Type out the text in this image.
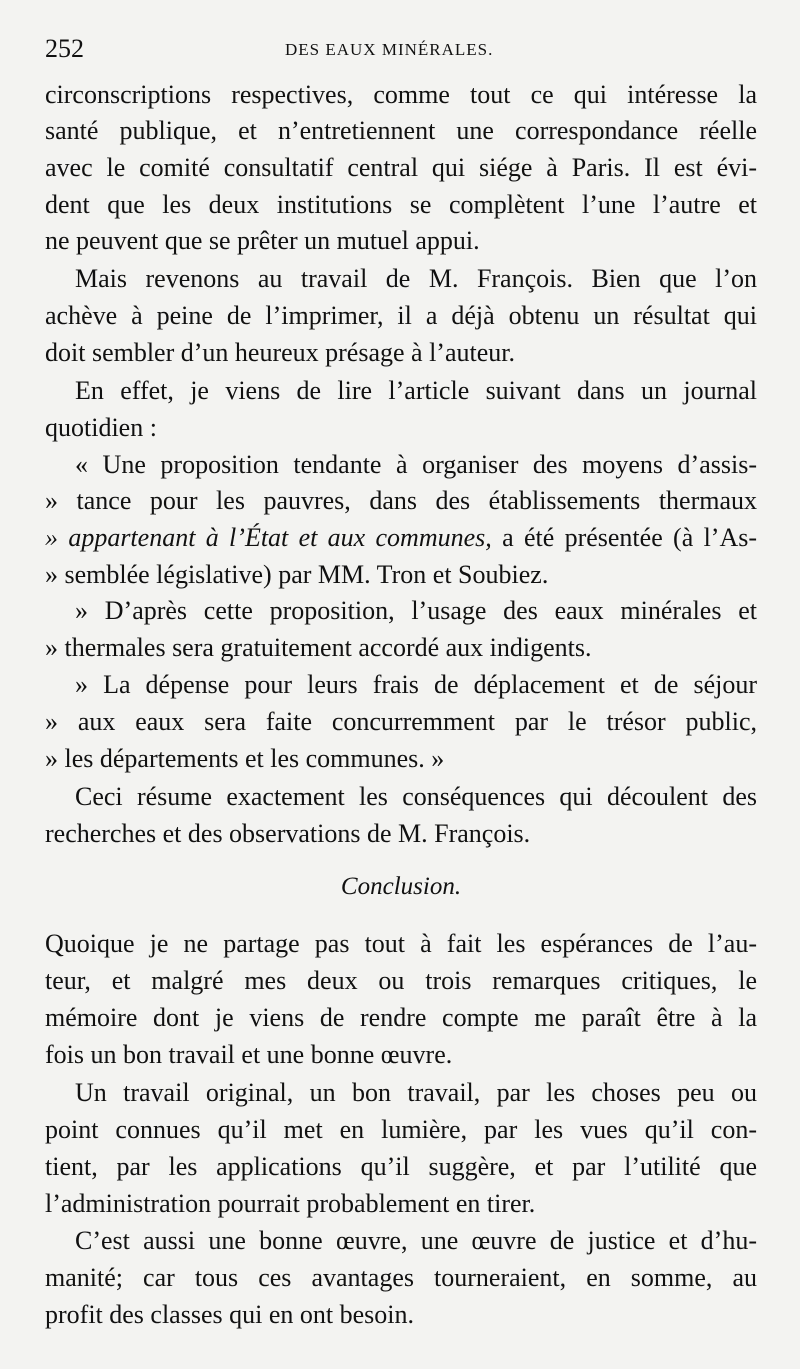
252	DES EAUX MINÉRALES.
circonscriptions respectives, comme tout ce qui intéresse la
santé publique, et n’entretiennent une correspondance réelle
avec le comité consultatif central qui siége à Paris. Il est évi-
dent que les deux institutions se complètent l’une l’autre et
ne peuvent que se prêter un mutuel appui.
Mais revenons au travail de M. François. Bien que l’on
achève à peine de l’imprimer, il a déjà obtenu un résultat qui
doit sembler d’un heureux présage à l’auteur.
En effet, je viens de lire l’article suivant dans un journal
quotidien :
« Une proposition tendante à organiser des moyens d’assis-
» tance pour les pauvres, dans des établissements thermaux
» appartenant à l’État et aux communes, a été présentée (à l’As-
» semblée législative) par MM. Tron et Soubiez.
» D’après cette proposition, l’usage des eaux minérales et
» thermales sera gratuitement accordé aux indigents.
» La dépense pour leurs frais de déplacement et de séjour
» aux eaux sera faite concurremment par le trésor public,
» les départements et les communes. »
Ceci résume exactement les conséquences qui découlent des
recherches et des observations de M. François.
Conclusion.
Quoique je ne partage pas tout à fait les espérances de l’au-
teur, et malgré mes deux ou trois remarques critiques, le
mémoire dont je viens de rendre compte me paraît être à la
fois un bon travail et une bonne œuvre.
Un travail original, un bon travail, par les choses peu ou
point connues qu’il met en lumière, par les vues qu’il con-
tient, par les applications qu’il suggère, et par l’utilité que
l’administration pourrait probablement en tirer.
C’est aussi une bonne œuvre, une œuvre de justice et d’hu-
manité; car tous ces avantages tourneraient, en somme, au
profit des classes qui en ont besoin.
